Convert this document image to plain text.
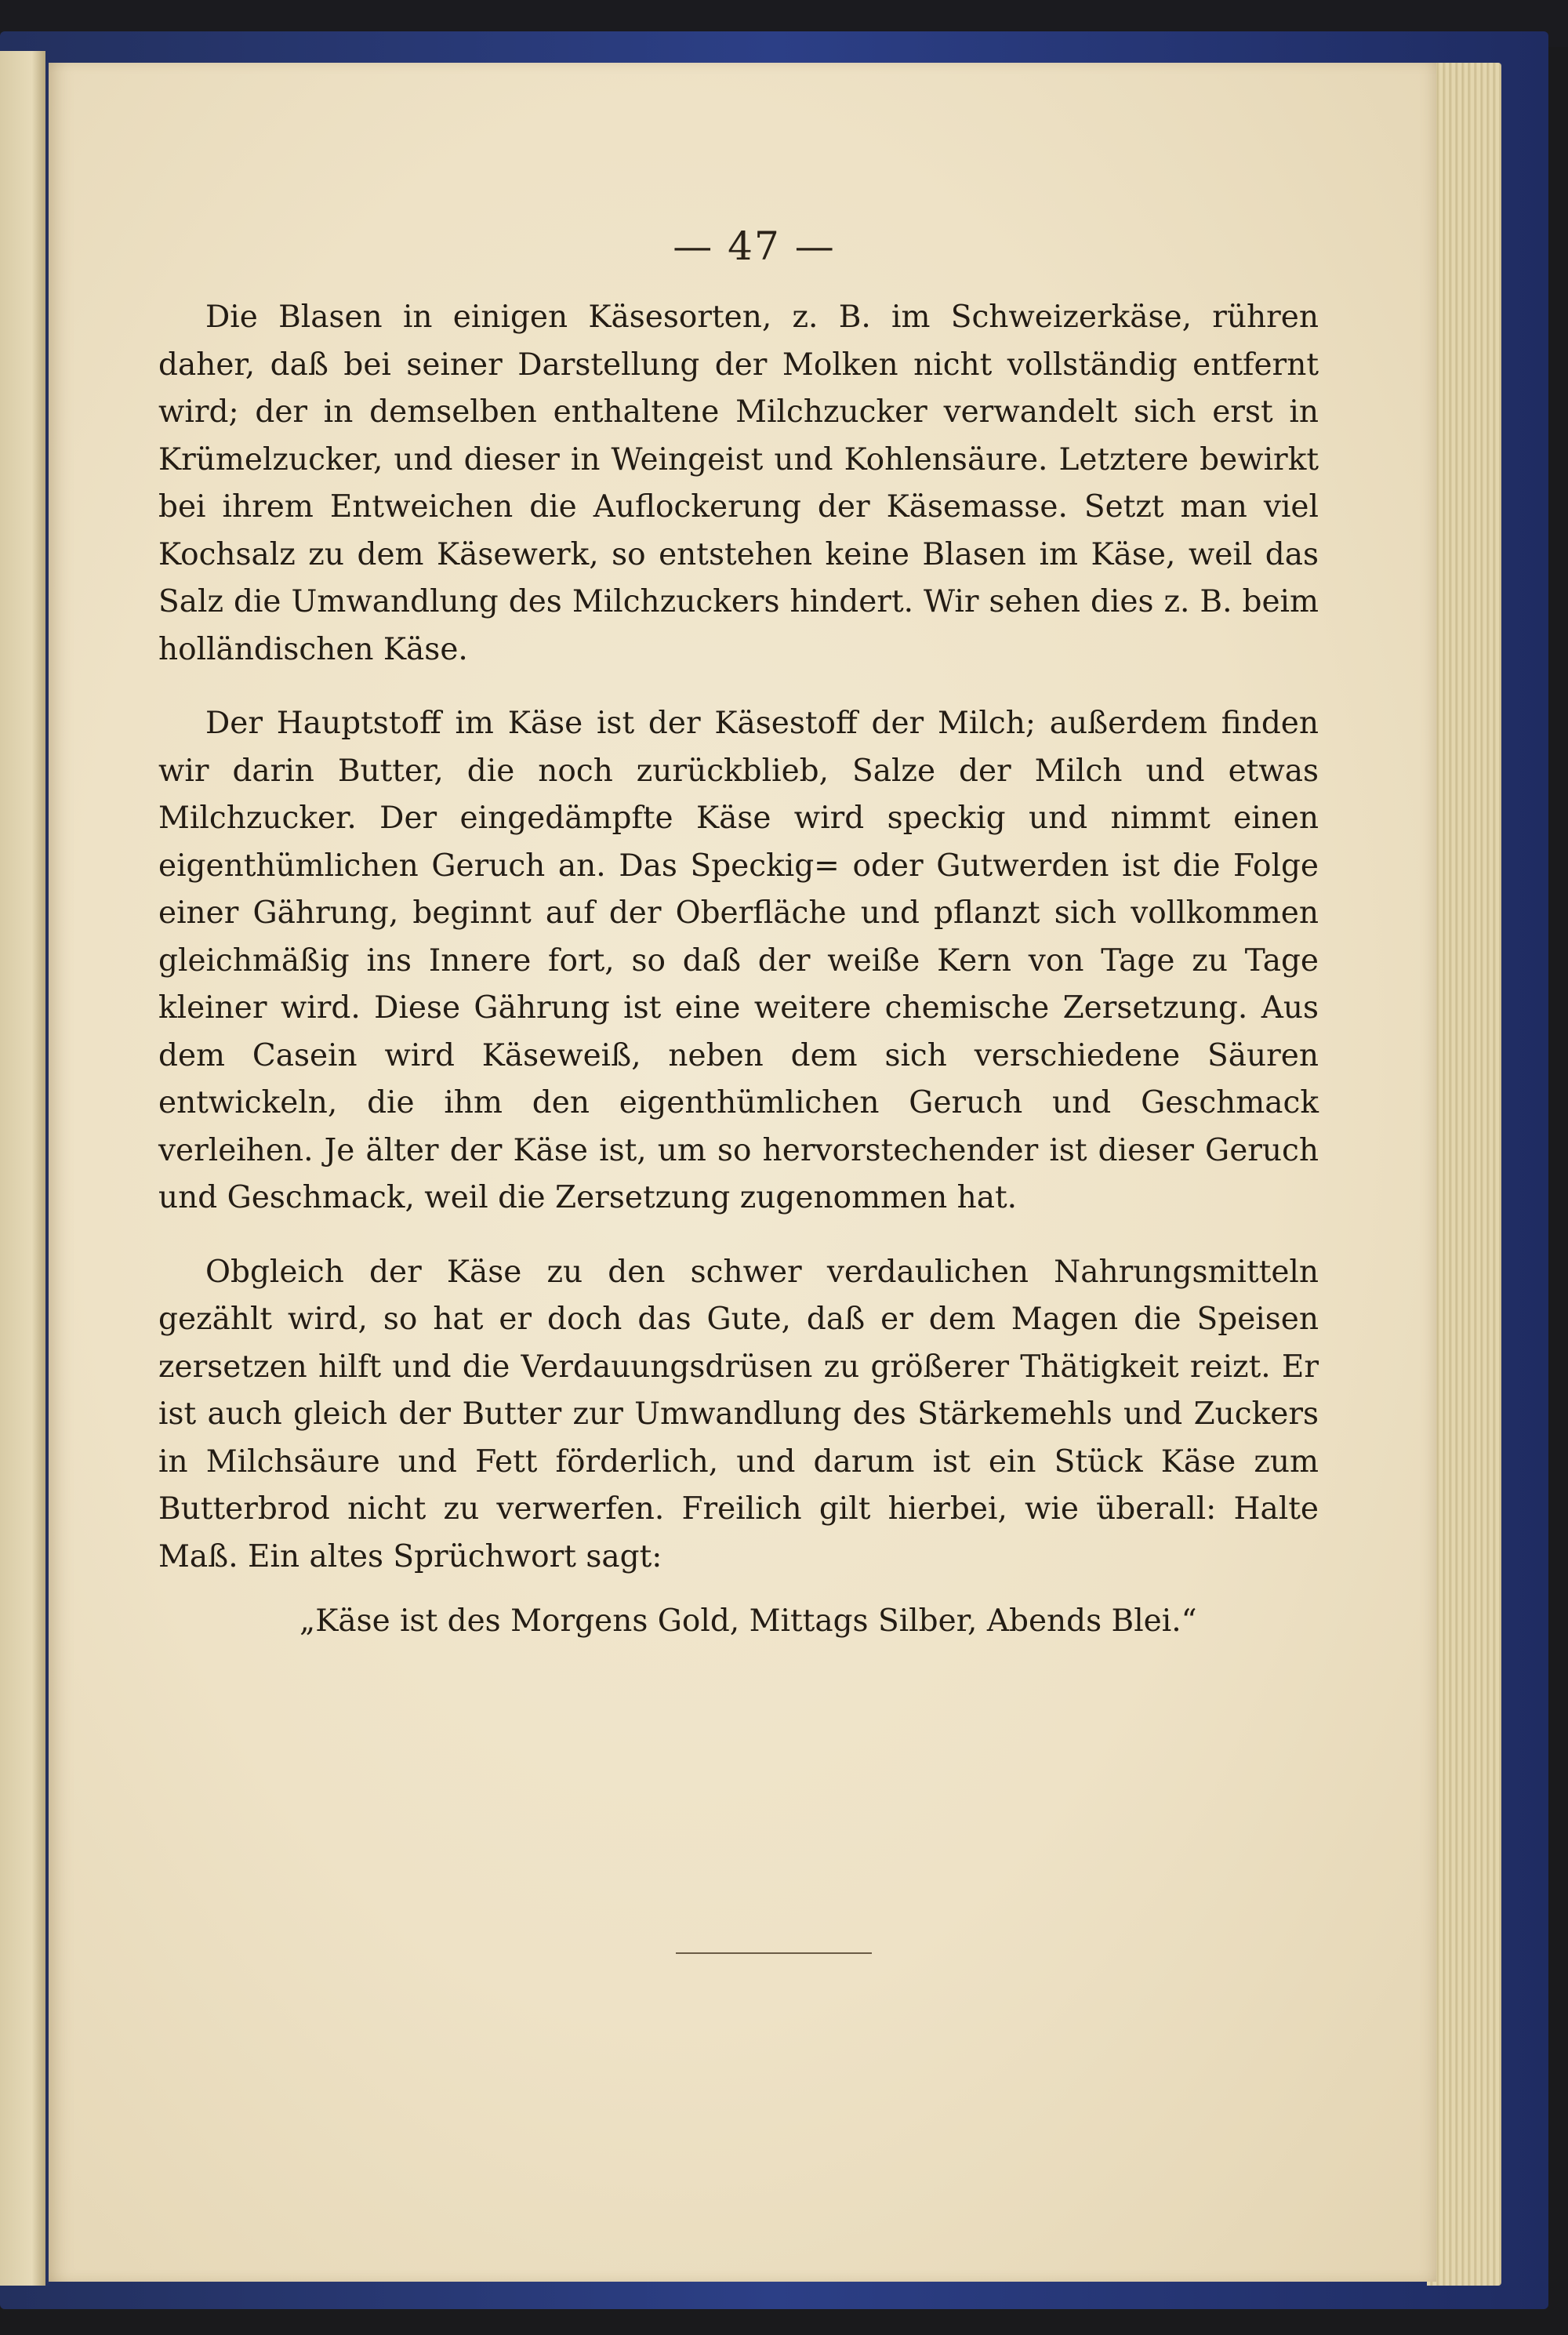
— 47 —

Die Blasen in einigen Käsesorten, z. B. im Schweizerkäse, rühren daher, daß bei seiner Darstellung der Molken nicht vollständig entfernt wird; der in demselben enthaltene Milchzucker verwandelt sich erst in Krümelzucker, und dieser in Weingeist und Kohlensäure. Letztere bewirkt bei ihrem Entweichen die Auflockerung der Käsemasse. Setzt man viel Kochsalz zu dem Käsewerk, so entstehen keine Blasen im Käse, weil das Salz die Umwandlung des Milchzuckers hindert. Wir sehen dies z. B. beim holländischen Käse.

Der Hauptstoff im Käse ist der Käsestoff der Milch; außerdem finden wir darin Butter, die noch zurückblieb, Salze der Milch und etwas Milchzucker. Der eingedämpfte Käse wird speckig und nimmt einen eigenthümlichen Geruch an. Das Speckig= oder Gutwerden ist die Folge einer Gährung, beginnt auf der Oberfläche und pflanzt sich vollkommen gleichmäßig ins Innere fort, so daß der weiße Kern von Tage zu Tage kleiner wird. Diese Gährung ist eine weitere chemische Zersetzung. Aus dem Casein wird Käseweiß, neben dem sich verschiedene Säuren entwickeln, die ihm den eigenthümlichen Geruch und Geschmack verleihen. Je älter der Käse ist, um so hervorstechender ist dieser Geruch und Geschmack, weil die Zersetzung zugenommen hat.

Obgleich der Käse zu den schwer verdaulichen Nahrungsmitteln gezählt wird, so hat er doch das Gute, daß er dem Magen die Speisen zersetzen hilft und die Verdauungsdrüsen zu größerer Thätigkeit reizt. Er ist auch gleich der Butter zur Umwandlung des Stärkemehls und Zuckers in Milchsäure und Fett förderlich, und darum ist ein Stück Käse zum Butterbrod nicht zu verwerfen. Freilich gilt hierbei, wie überall: Halte Maß. Ein altes Sprüchwort sagt:

„Käse ist des Morgens Gold, Mittags Silber, Abends Blei.“
